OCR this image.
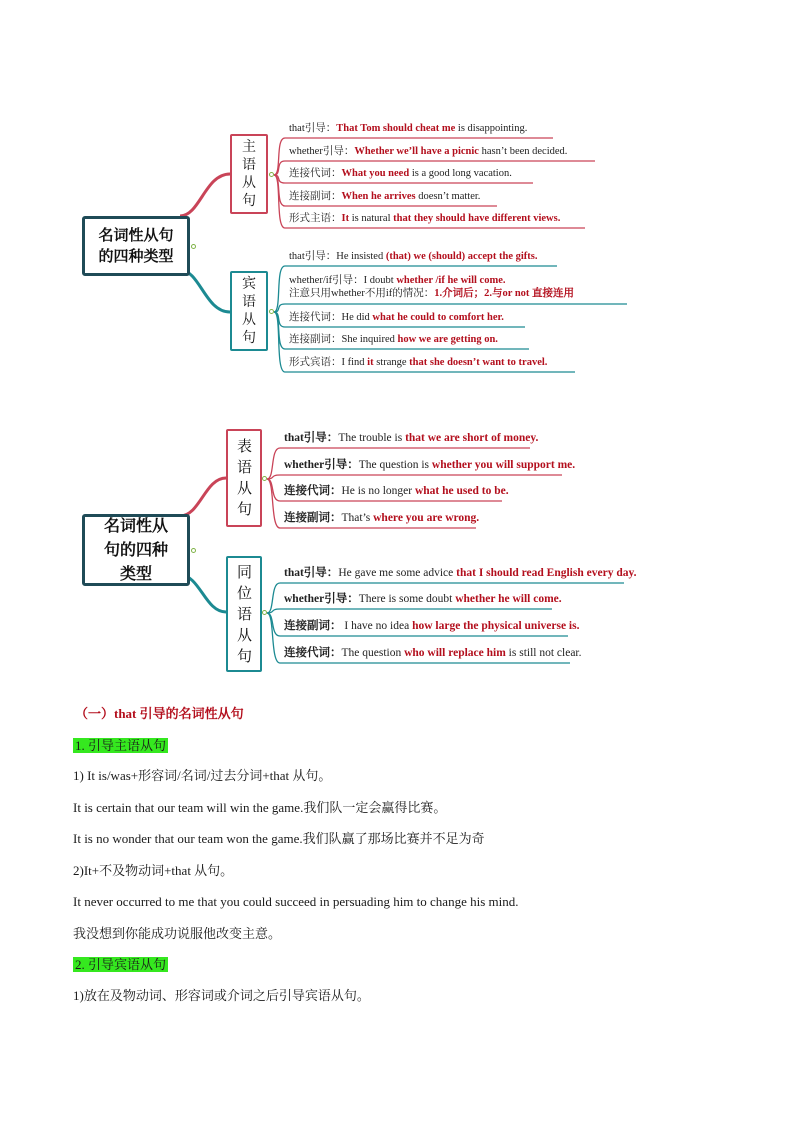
名词性从句的四种类型
主语从句
宾语从句
that引导：That Tom should cheat me is disappointing.
whether引导：Whether we’ll have a picnic hasn’t been decided.
连接代词：What you need is a good long vacation.
连接副词：When he arrives doesn’t matter.
形式主语：It is natural that they should have different views.
that引导：He insisted (that) we (should) accept the gifts.
whether/if引导：I doubt whether /if he will come.
注意只用whether不用if的情况：1.介词后；2.与or not 直接连用
连接代词：He did what he could to comfort her.
连接副词：She inquired how we are getting on.
形式宾语：I find it strange that she doesn’t want to travel.
名词性从句的四种类型
表语从句
同位语从句
that引导：The trouble is that we are short of money.
whether引导：The question is whether you will support me.
连接代词：He is no longer what he used to be.
连接副词：That’s where you are wrong.
that引导：He gave me some advice that I should read English every day.
whether引导：There is some doubt whether he will come.
连接副词： I have no idea how large the physical universe is.
连接代词：The question who will replace him is still not clear.
（一）that 引导的名词性从句
1. 引导主语从句
1) It is/was+形容词/名词/过去分词+that 从句。
It is certain that our team will win the game.我们队一定会赢得比赛。
It is no wonder that our team won the game.我们队赢了那场比赛并不足为奇
2)It+不及物动词+that 从句。
It never occurred to me that you could succeed in persuading him to change his mind.
我没想到你能成功说服他改变主意。
2. 引导宾语从句
1)放在及物动词、形容词或介词之后引导宾语从句。
